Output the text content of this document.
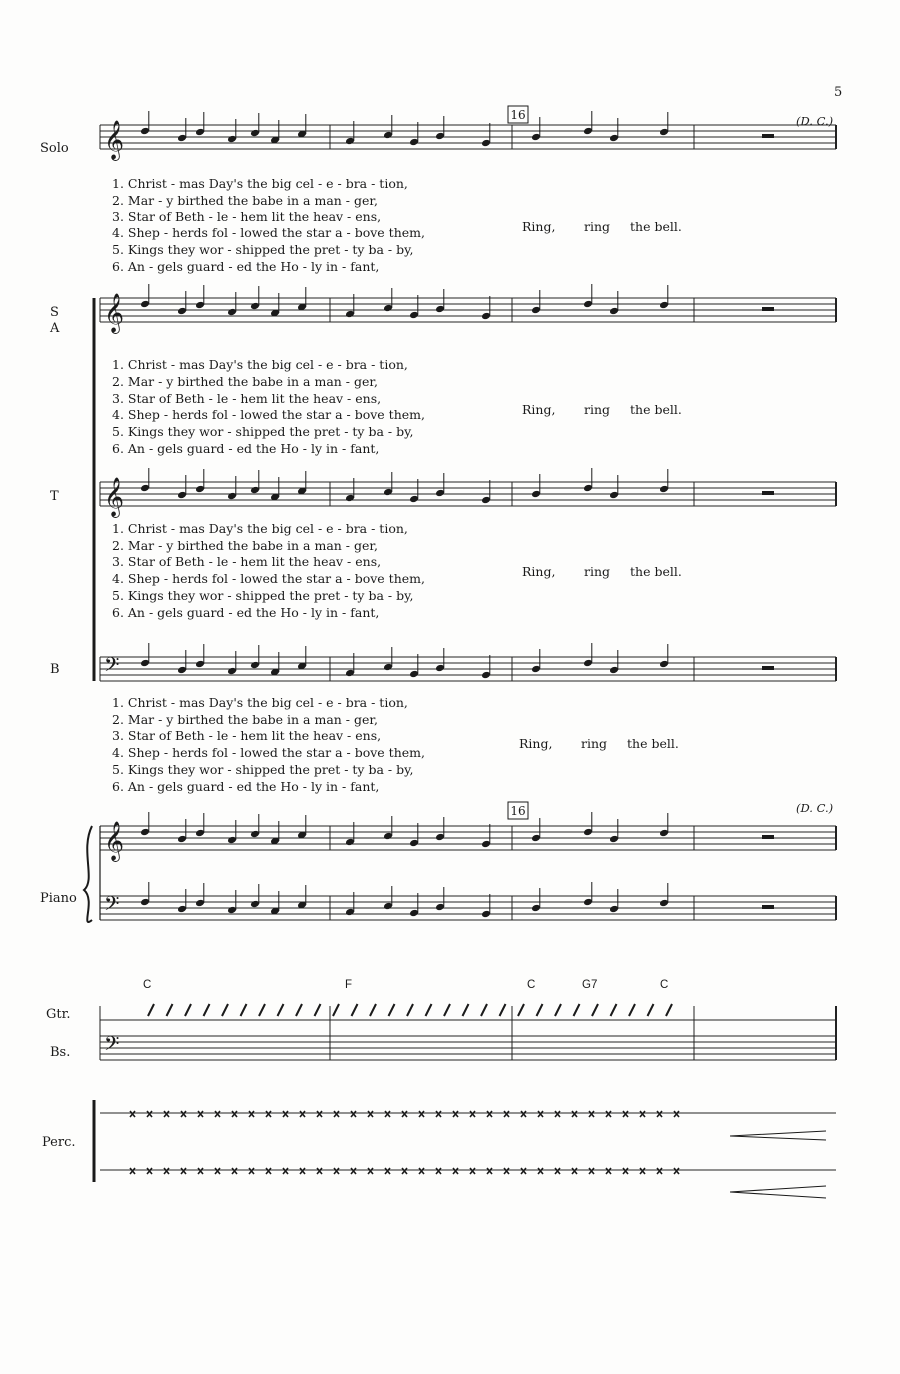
5
16
16
(D. C.)
(D. C.)
Solo
S
A
T
B
Piano
Gtr.
Bs.
Perc.
C	F	C	G7	C
1. Christ - mas Day's the big cel - e - bra - tion,
2. Mar - y birthed the babe in a man - ger,
3. Star of Beth - le - hem lit the heav - ens,
4. Shep - herds fol - lowed the star a - bove them,
5. Kings they wor - shipped the pret - ty ba - by,
6. An - gels guard - ed the Ho - ly in - fant,
Ring, ring the bell.
1. Christ - mas Day's the big cel - e - bra - tion,
2. Mar - y birthed the babe in a man - ger,
3. Star of Beth - le - hem lit the heav - ens,
4. Shep - herds fol - lowed the star a - bove them,
5. Kings they wor - shipped the pret - ty ba - by,
6. An - gels guard - ed the Ho - ly in - fant,
Ring, ring the bell.
1. Christ - mas Day's the big cel - e - bra - tion,
2. Mar - y birthed the babe in a man - ger,
3. Star of Beth - le - hem lit the heav - ens,
4. Shep - herds fol - lowed the star a - bove them,
5. Kings they wor - shipped the pret - ty ba - by,
6. An - gels guard - ed the Ho - ly in - fant,
Ring, ring the bell.
1. Christ - mas Day's the big cel - e - bra - tion,
2. Mar - y birthed the babe in a man - ger,
3. Star of Beth - le - hem lit the heav - ens,
4. Shep - herds fol - lowed the star a - bove them,
5. Kings they wor - shipped the pret - ty ba - by,
6. An - gels guard - ed the Ho - ly in - fant,
Ring, ring the bell.
𝄞
𝄞
𝄞
𝄢
𝄞
𝄢
𝄢
